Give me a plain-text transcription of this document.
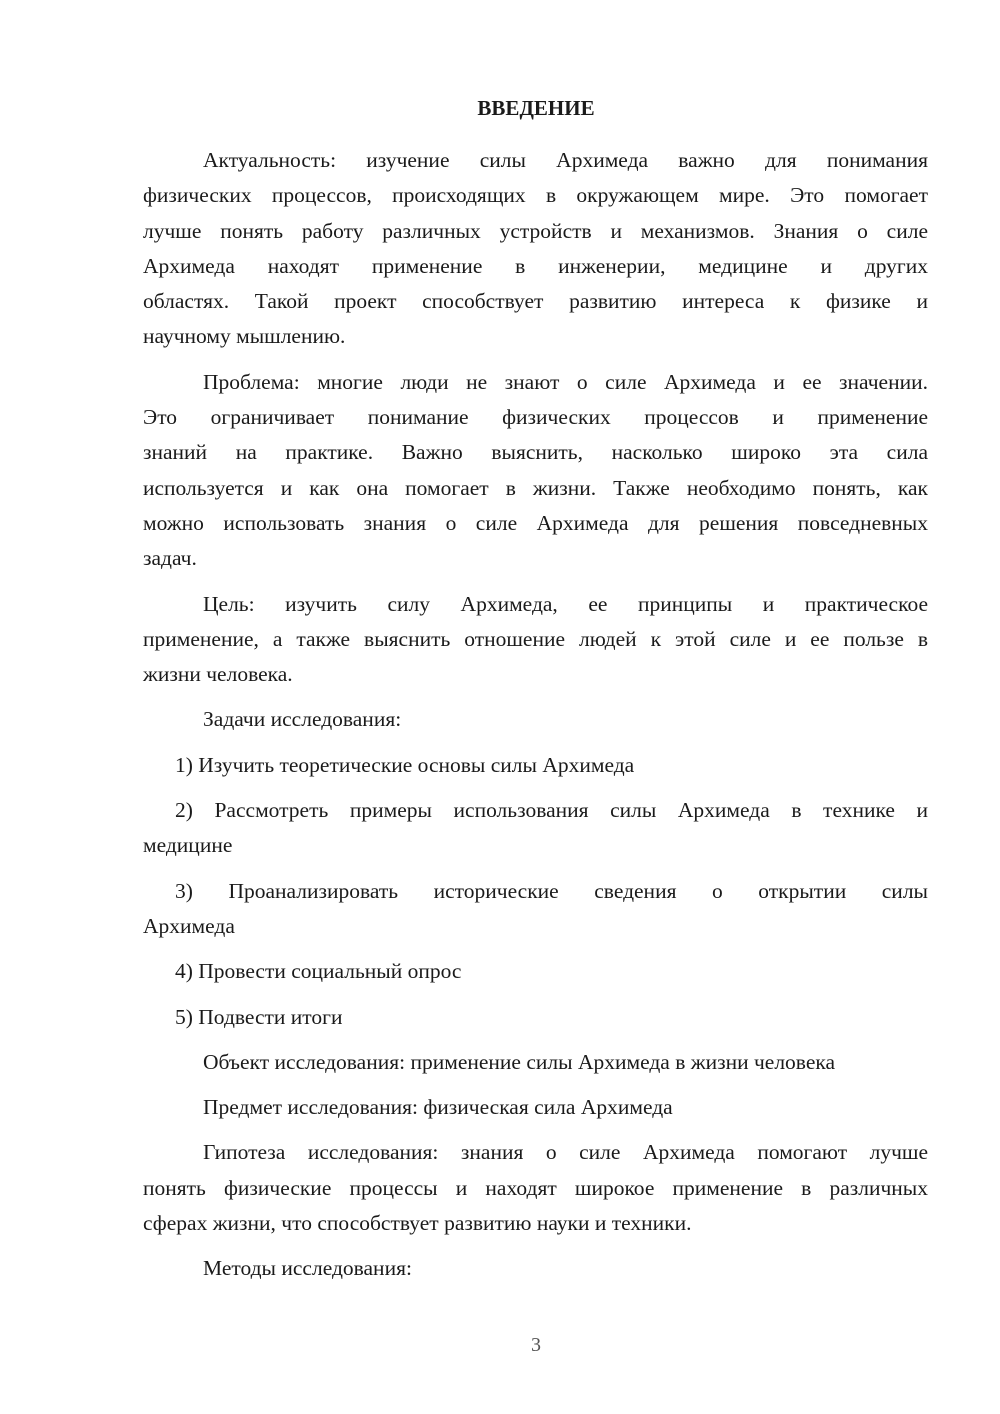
ВВЕДЕНИЕ
Актуальность: изучение силы Архимеда важно для понимания
физических процессов, происходящих в окружающем мире. Это помогает
лучше понять работу различных устройств и механизмов. Знания о силе
Архимеда находят применение в инженерии, медицине и других
областях. Такой проект способствует развитию интереса к физике и
научному мышлению.
Проблема: многие люди не знают о силе Архимеда и ее значении.
Это ограничивает понимание физических процессов и применение
знаний на практике. Важно выяснить, насколько широко эта сила
используется и как она помогает в жизни. Также необходимо понять, как
можно использовать знания о силе Архимеда для решения повседневных
задач.
Цель: изучить силу Архимеда, ее принципы и практическое
применение, а также выяснить отношение людей к этой силе и ее пользе в
жизни человека.
Задачи исследования:
1) Изучить теоретические основы силы Архимеда
2) Рассмотреть примеры использования силы Архимеда в технике и
медицине
3) Проанализировать исторические сведения о открытии силы
Архимеда
4) Провести социальный опрос
5) Подвести итоги
Объект исследования: применение силы Архимеда в жизни человека
Предмет исследования: физическая сила Архимеда
Гипотеза исследования: знания о силе Архимеда помогают лучше
понять физические процессы и находят широкое применение в различных
сферах жизни, что способствует развитию науки и техники.
Методы исследования:
3
